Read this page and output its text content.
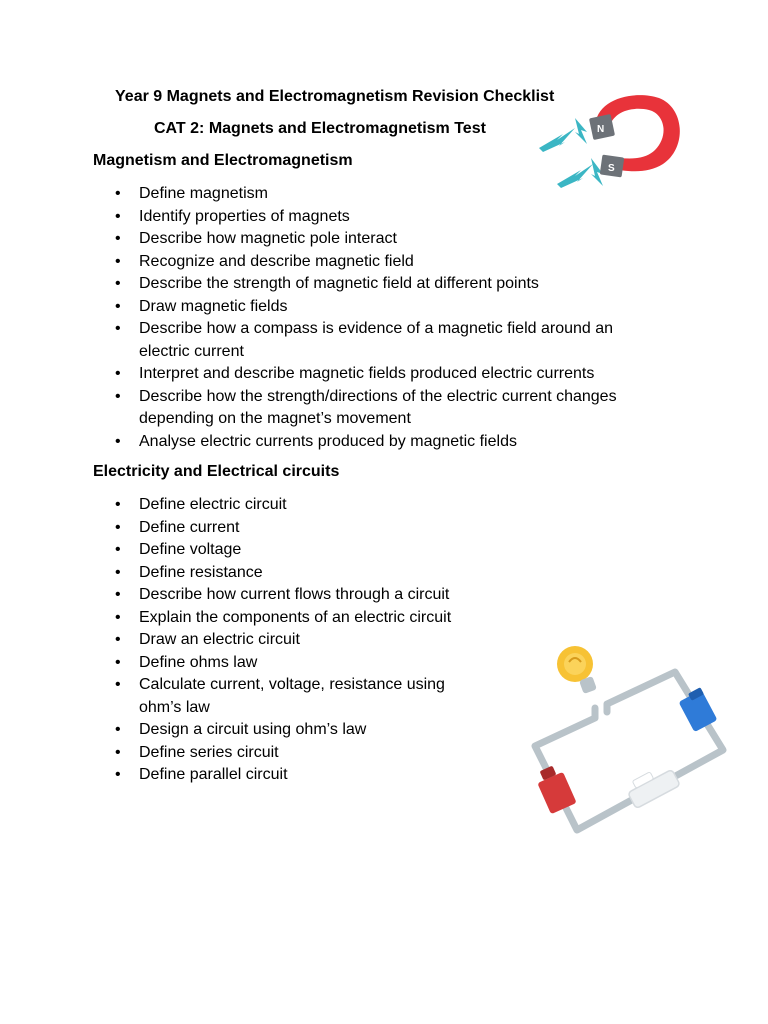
Year 9 Magnets and Electromagnetism Revision Checklist
CAT 2: Magnets and Electromagnetism Test
Magnetism and Electromagnetism
• Define magnetism
• Identify properties of magnets
• Describe how magnetic pole interact
• Recognize and describe magnetic field
• Describe the strength of magnetic field at different points
• Draw magnetic fields
• Describe how a compass is evidence of a magnetic field around an electric current
• Interpret and describe magnetic fields produced electric currents
• Describe how the strength/directions of the electric current changes depending on the magnet’s movement
• Analyse electric currents produced by magnetic fields
Electricity and Electrical circuits
• Define electric circuit
• Define current
• Define voltage
• Define resistance
• Describe how current flows through a circuit
• Explain the components of an electric circuit
• Draw an electric circuit
• Define ohms law
• Calculate current, voltage, resistance using ohm’s law
• Design a circuit using ohm’s law
• Define series circuit
• Define parallel circuit
N
S
